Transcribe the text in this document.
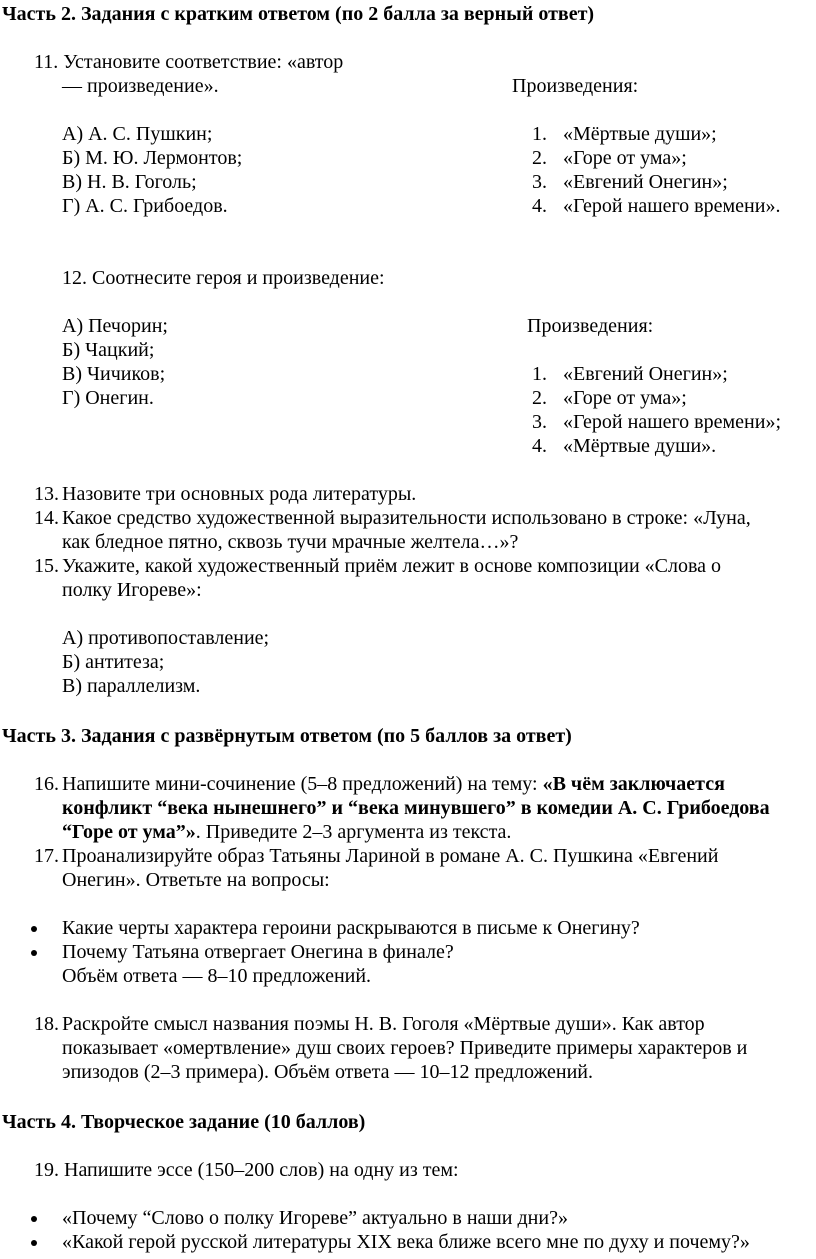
Часть 2. Задания с кратким ответом (по 2 балла за верный ответ)
11. Установите соответствие: «автор
— произведение».	Произведения:
А) А. С. Пушкин;
Б) М. Ю. Лермонтов;
В) Н. В. Гоголь;
Г) А. С. Грибоедов.
1.
2.
3.
4.
«Мёртвые души»;
«Горе от ума»;
«Евгений Онегин»;
«Герой нашего времени».
12. Соотнесите героя и произведение:
А) Печорин;
Б) Чацкий;
В) Чичиков;
Г) Онегин.
Произведения:
1.
2.
3.
4.
«Евгений Онегин»;
«Горе от ума»;
«Герой нашего времени»;
«Мёртвые души».
13. Назовите три основных рода литературы.
14. Какое средство художественной выразительности использовано в строке: «Луна,
как бледное пятно, сквозь тучи мрачные желтела…»?
15. Укажите, какой художественный приём лежит в основе композиции «Слова о
полку Игореве»:
А) противопоставление;
Б) антитеза;
В) параллелизм.
Часть 3. Задания с развёрнутым ответом (по 5 баллов за ответ)
16. Напишите мини-сочинение (5–8 предложений) на тему: «В чём заключается
конфликт “века нынешнего” и “века минувшего” в комедии А. С. Грибоедова
“Горе от ума”». Приведите 2–3 аргумента из текста.
17. Проанализируйте образ Татьяны Лариной в романе А. С. Пушкина «Евгений
Онегин». Ответьте на вопросы:
Какие черты характера героини раскрываются в письме к Онегину?
Почему Татьяна отвергает Онегина в финале?
Объём ответа — 8–10 предложений.
18. Раскройте смысл названия поэмы Н. В. Гоголя «Мёртвые души». Как автор
показывает «омертвление» душ своих героев? Приведите примеры характеров и
эпизодов (2–3 примера). Объём ответа — 10–12 предложений.
Часть 4. Творческое задание (10 баллов)
19. Напишите эссе (150–200 слов) на одну из тем:
«Почему “Слово о полку Игореве” актуально в наши дни?»
«Какой герой русской литературы XIX века ближе всего мне по духу и почему?»
